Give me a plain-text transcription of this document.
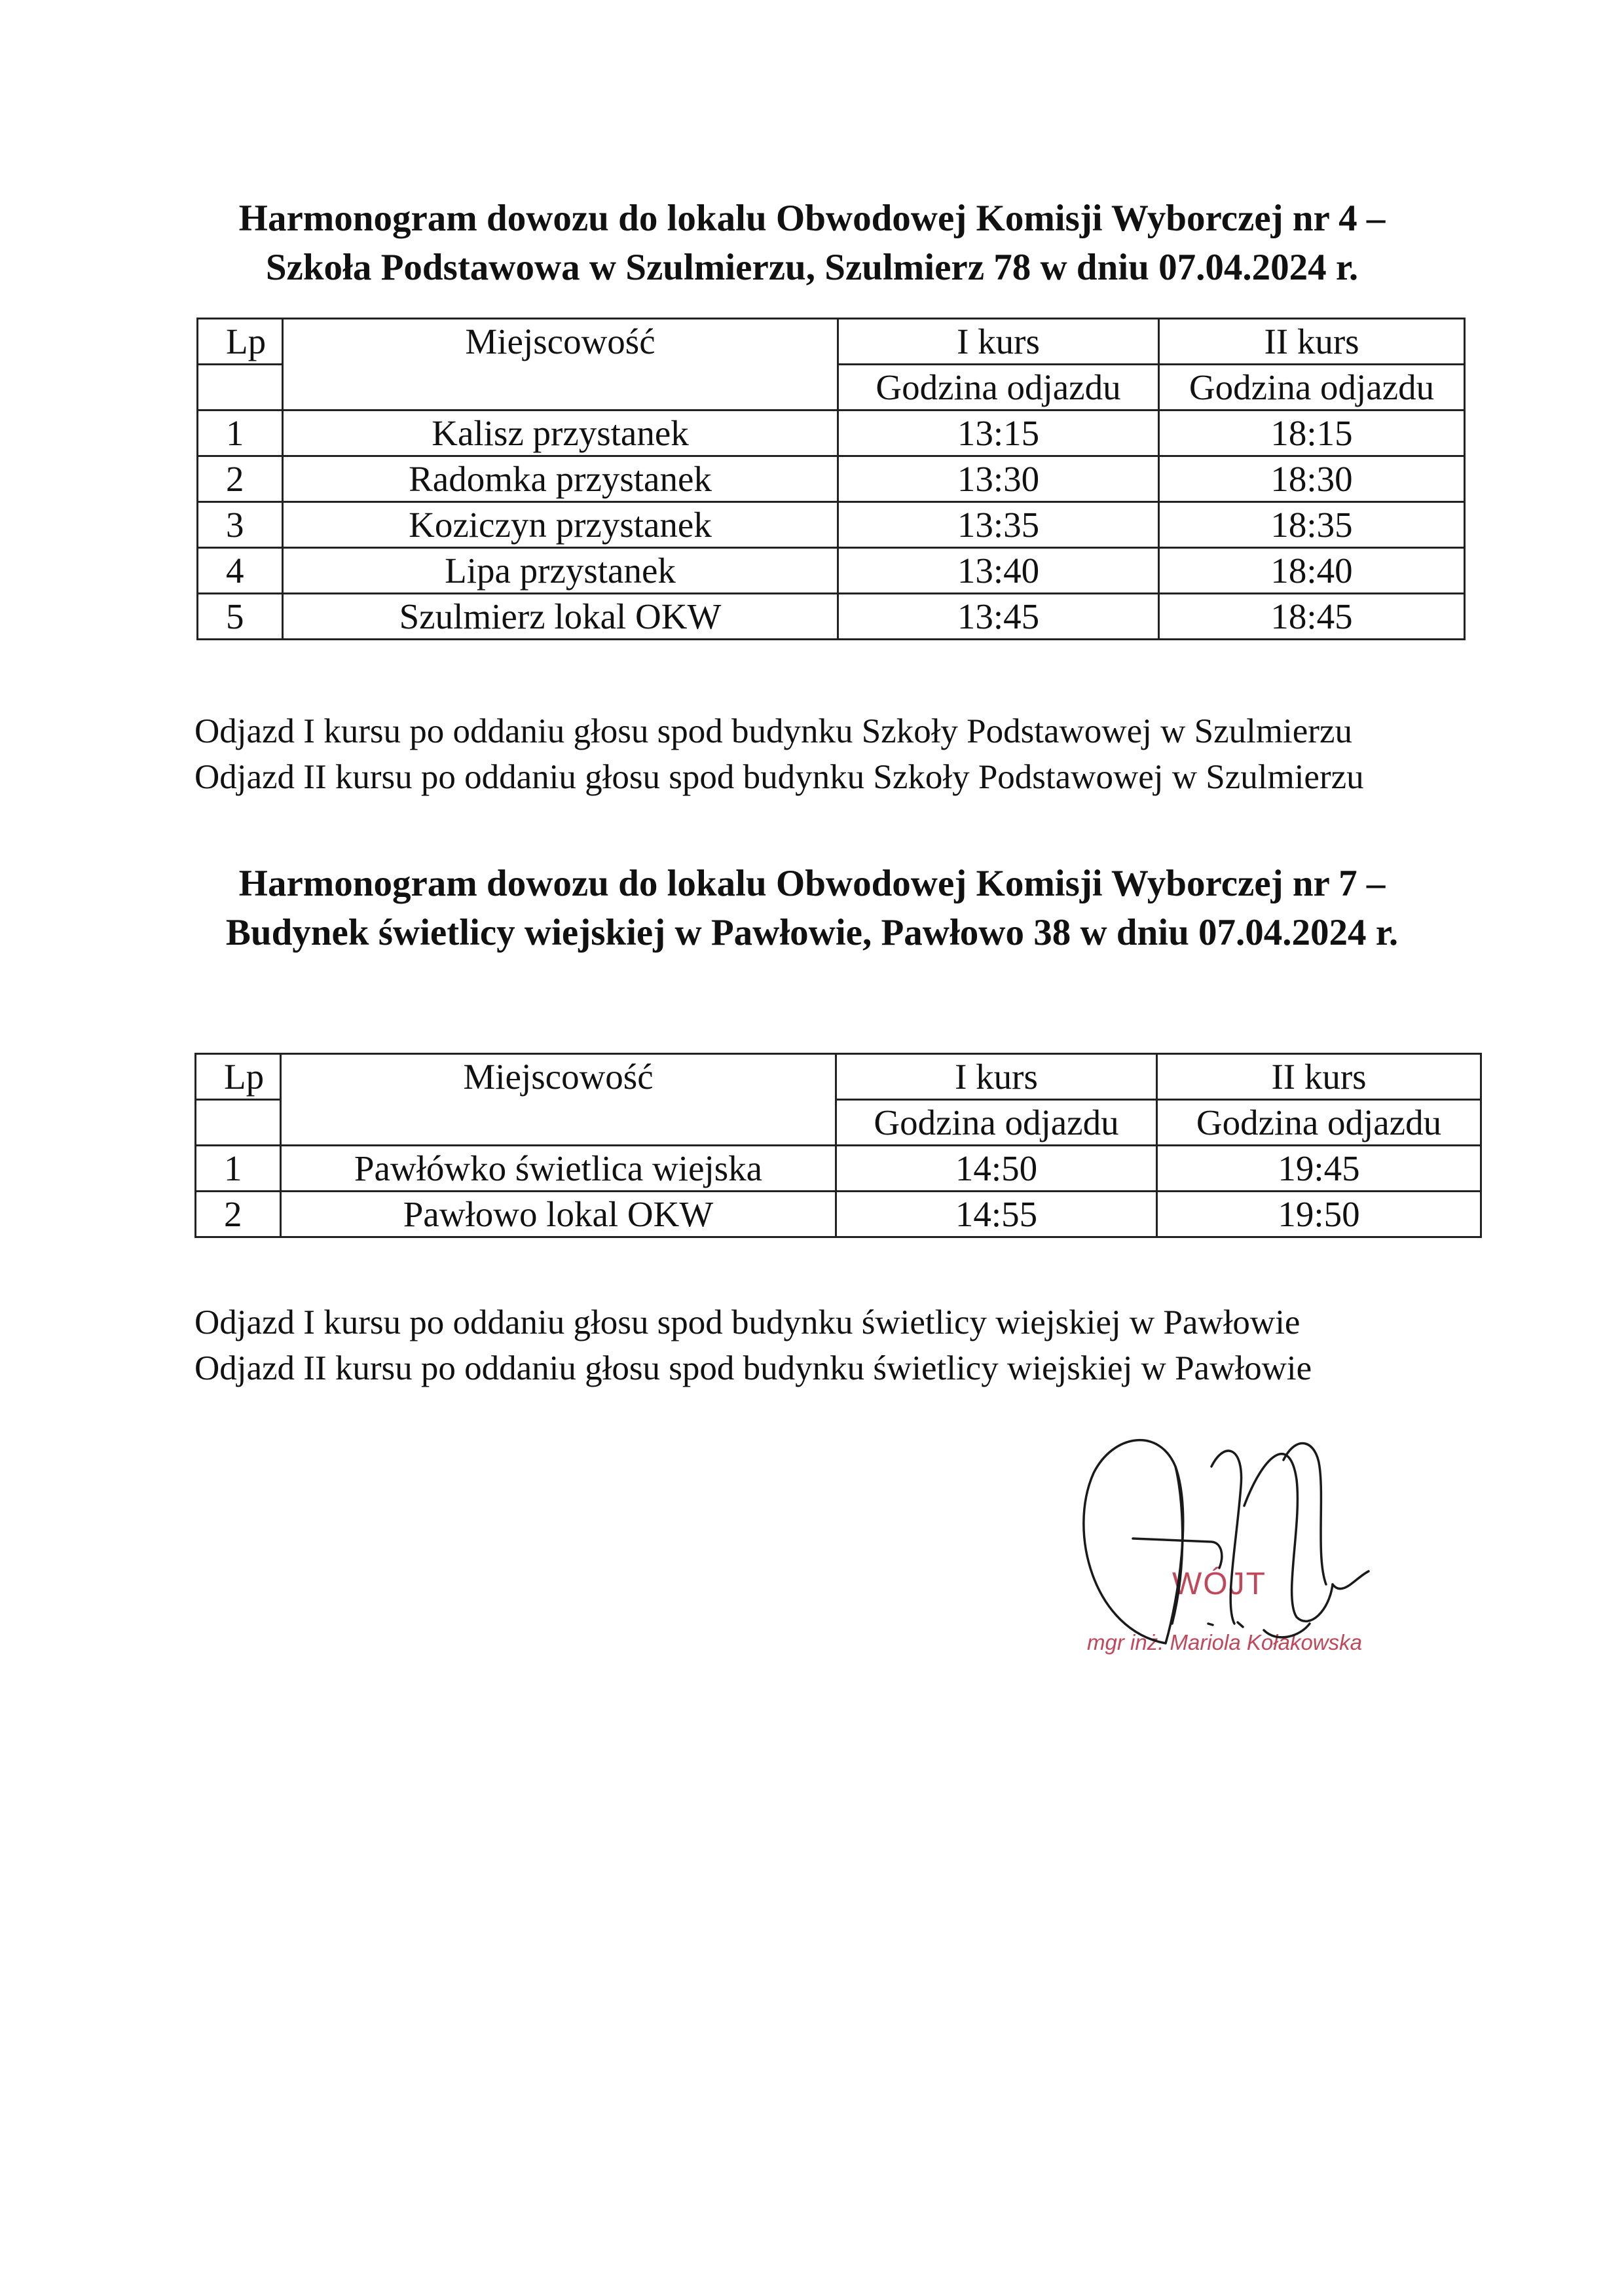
Harmonogram dowozu do lokalu Obwodowej Komisji Wyborczej nr 4 –
Szkoła Podstawowa w Szulmierzu, Szulmierz 78 w dniu 07.04.2024 r.
Lp	Miejscowość	I kurs	II kurs
		Godzina odjazdu	Godzina odjazdu
1	Kalisz przystanek	13:15	18:15
2	Radomka przystanek	13:30	18:30
3	Koziczyn przystanek	13:35	18:35
4	Lipa przystanek	13:40	18:40
5	Szulmierz lokal OKW	13:45	18:45
Odjazd I kursu po oddaniu głosu spod budynku Szkoły Podstawowej w Szulmierzu
Odjazd II kursu po oddaniu głosu spod budynku Szkoły Podstawowej w Szulmierzu
Harmonogram dowozu do lokalu Obwodowej Komisji Wyborczej nr 7 –
Budynek świetlicy wiejskiej w Pawłowie, Pawłowo 38 w dniu 07.04.2024 r.
Lp	Miejscowość	I kurs	II kurs
		Godzina odjazdu	Godzina odjazdu
1	Pawłówko świetlica wiejska	14:50	19:45
2	Pawłowo lokal OKW	14:55	19:50
Odjazd I kursu po oddaniu głosu spod budynku świetlicy wiejskiej w Pawłowie
Odjazd II kursu po oddaniu głosu spod budynku świetlicy wiejskiej w Pawłowie
WÓJT
mgr inż. Mariola Kołakowska
